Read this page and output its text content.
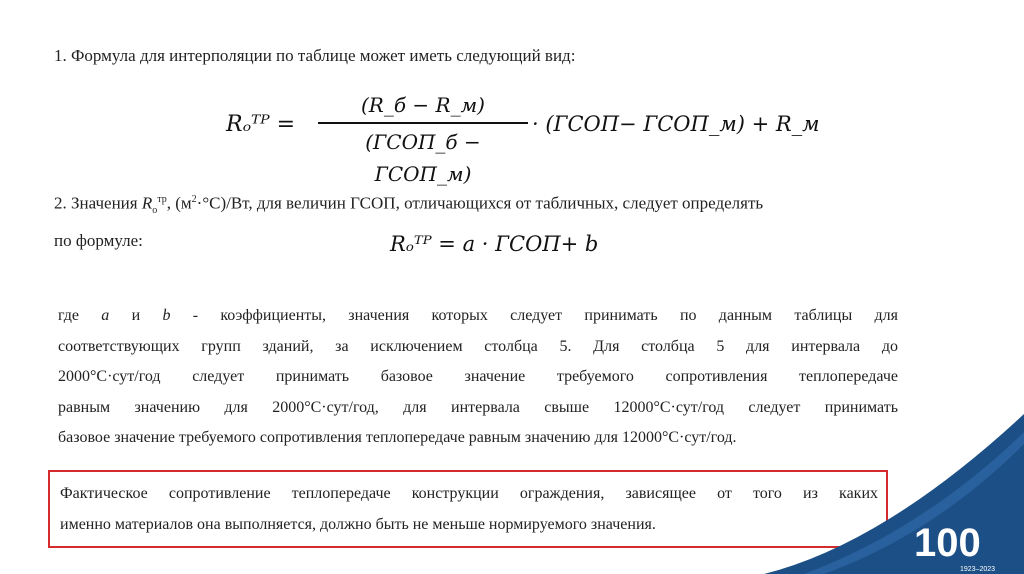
1. Формула для интерполяции по таблице может иметь следующий вид:
Rₒᵀᴾ =
(R_б − R_м)
(ГСОП_б − ГСОП_м)
· (ГСОП− ГСОП_м) + R_м
2. Значения $R_о^{тр}$, $(м^2\cdot^\circ С)/Вт$, для величин ГСОП, отличающихся от табличных, следует определять
по формуле:	Rₒᵀᴾ = a · ГСОП+ b
где a и b - коэффициенты, значения которых следует принимать по данным таблицы для
соответствующих групп зданий, за исключением столбца 5. Для столбца 5 для интервала до
2000°С·сут/год следует принимать базовое значение требуемого сопротивления теплопередаче
равным значению для 2000°С·сут/год, для интервала свыше 12000°С·сут/год следует принимать
базовое значение требуемого сопротивления теплопередаче равным значению для 12000°С·сут/год.
Фактическое сопротивление теплопередаче конструкции ограждения, зависящее от того из каких
именно материалов она выполняется, должно быть не меньше нормируемого значения.	100
1923–2023
